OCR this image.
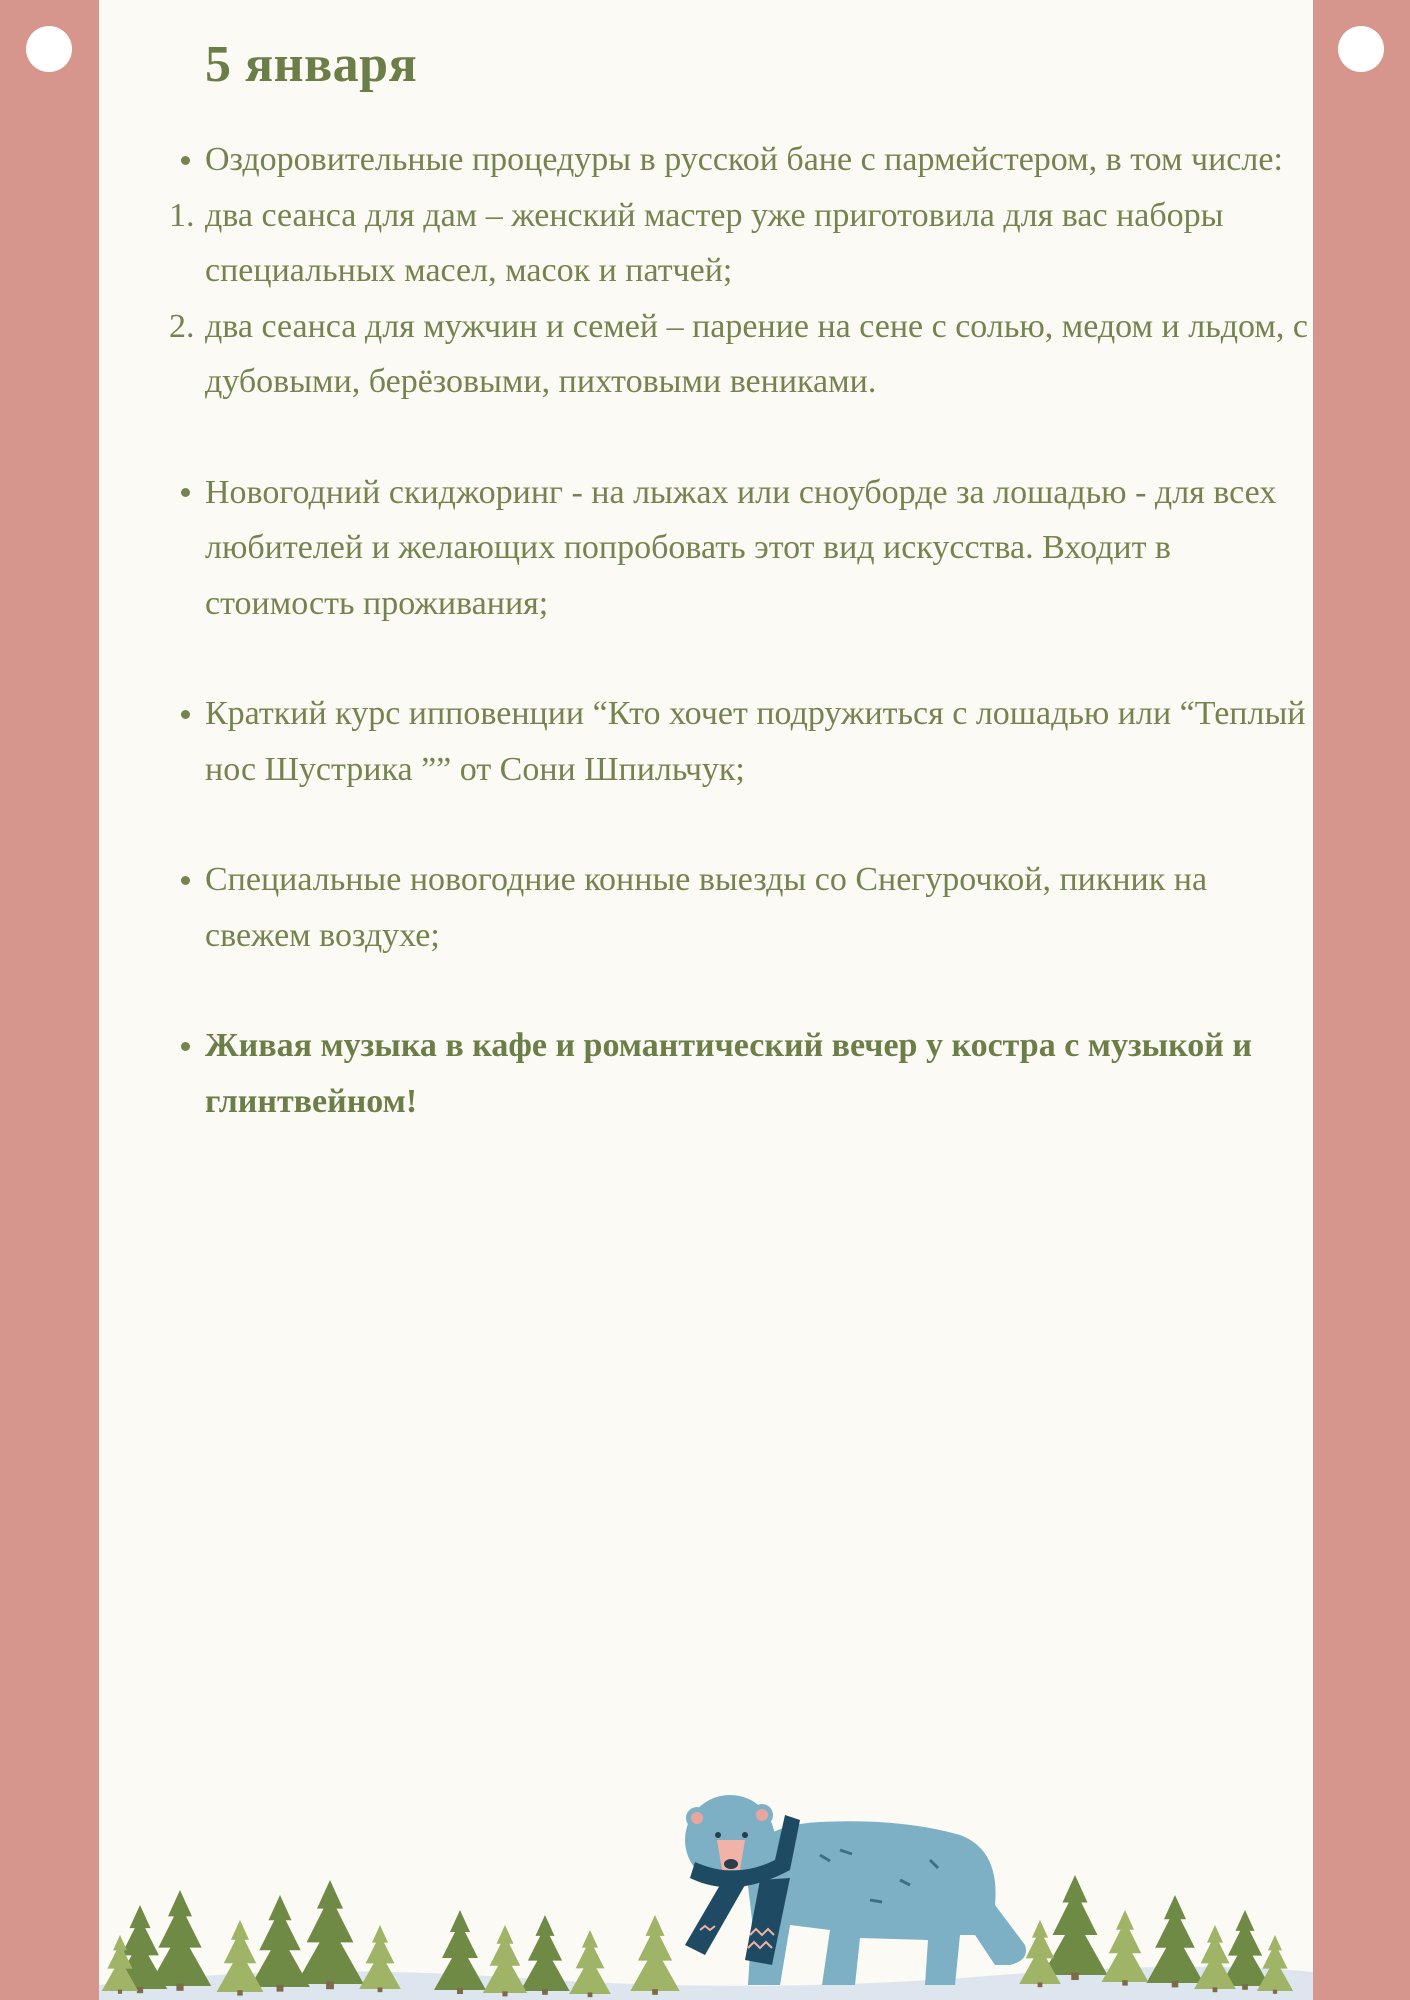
5 января
Оздоровительные процедуры в русской бане с пармейстером, в том числе:
1. два сеанса для дам – женский мастер уже приготовила для вас наборы специальных масел, масок и патчей;
2. два сеанса для мужчин и семей – парение на сене с солью, медом и льдом, с дубовыми, берёзовыми, пихтовыми вениками.
Новогодний скиджоринг - на лыжах или сноуборде за лошадью - для всех любителей и желающих попробовать этот вид искусства. Входит в стоимость проживания;
Краткий курс иппoвенции “Кто хочет подружиться с лошадью или “Теплый нос Шустрика ”” от Сони Шпильчук;
Специальные новогодние конные выезды со Снегурочкой, пикник на свежем воздухе;
Живая музыка в кафе и романтический вечер у костра с музыкой и глинтвейном!
